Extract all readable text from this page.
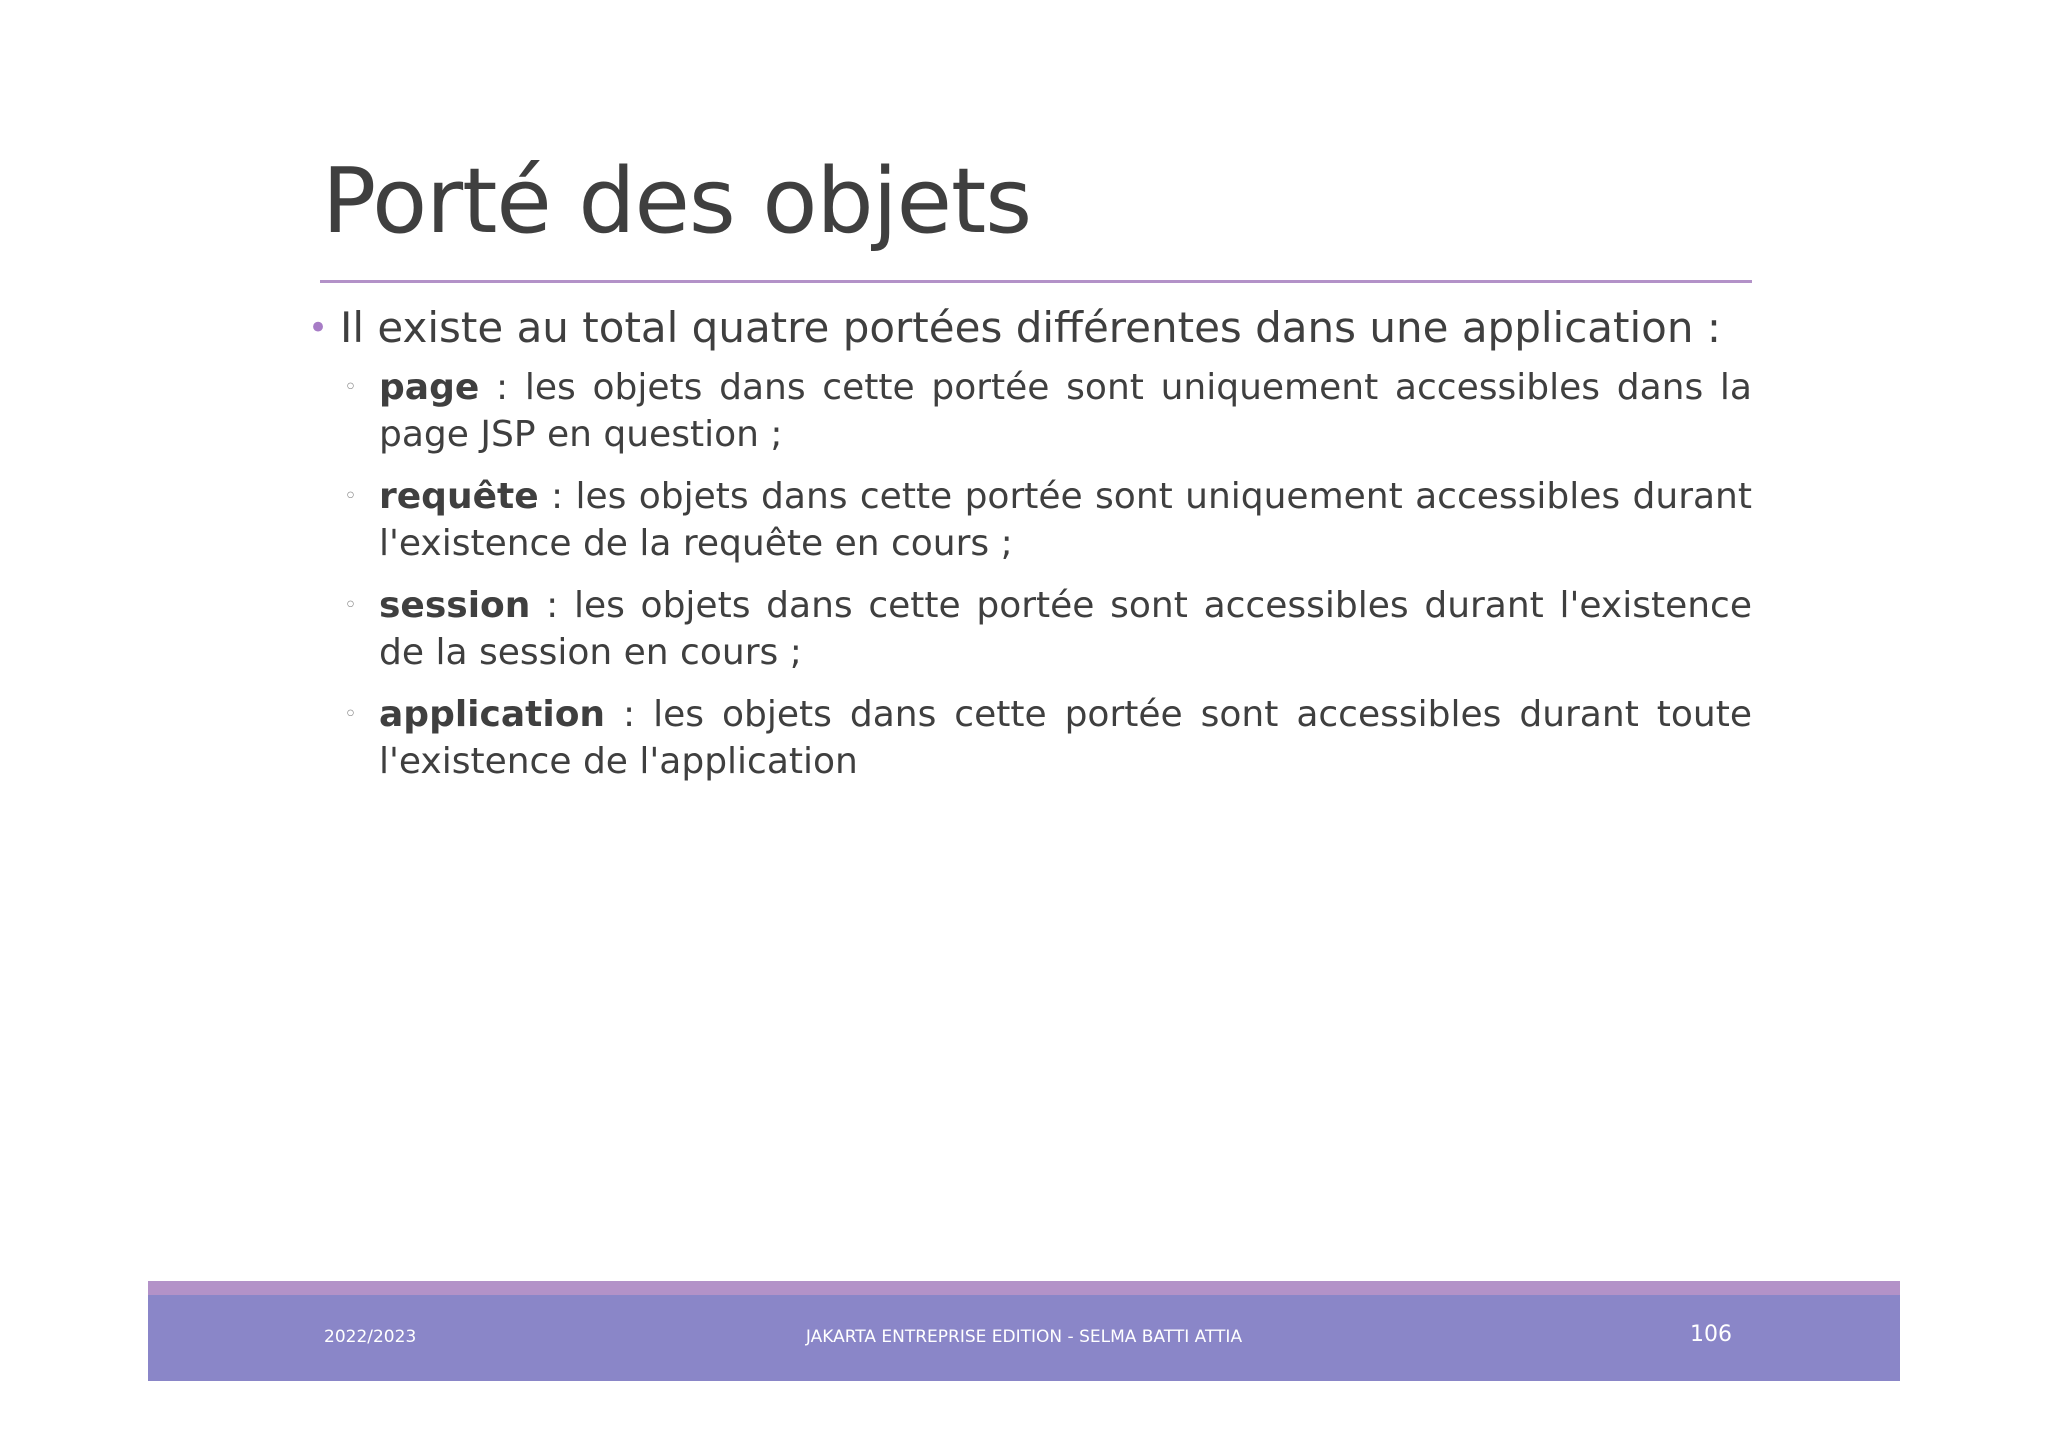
Porté des objets
• Il existe au total quatre portées différentes dans une application :
◦ page : les objets dans cette portée sont uniquement accessibles dans la page JSP en question ;
◦ requête : les objets dans cette portée sont uniquement accessibles durant l'existence de la requête en cours ;
◦ session : les objets dans cette portée sont accessibles durant l'existence de la session en cours ;
◦ application : les objets dans cette portée sont accessibles durant toute l'existence de l'application
2022/2023	JAKARTA ENTREPRISE EDITION - SELMA BATTI ATTIA	106
